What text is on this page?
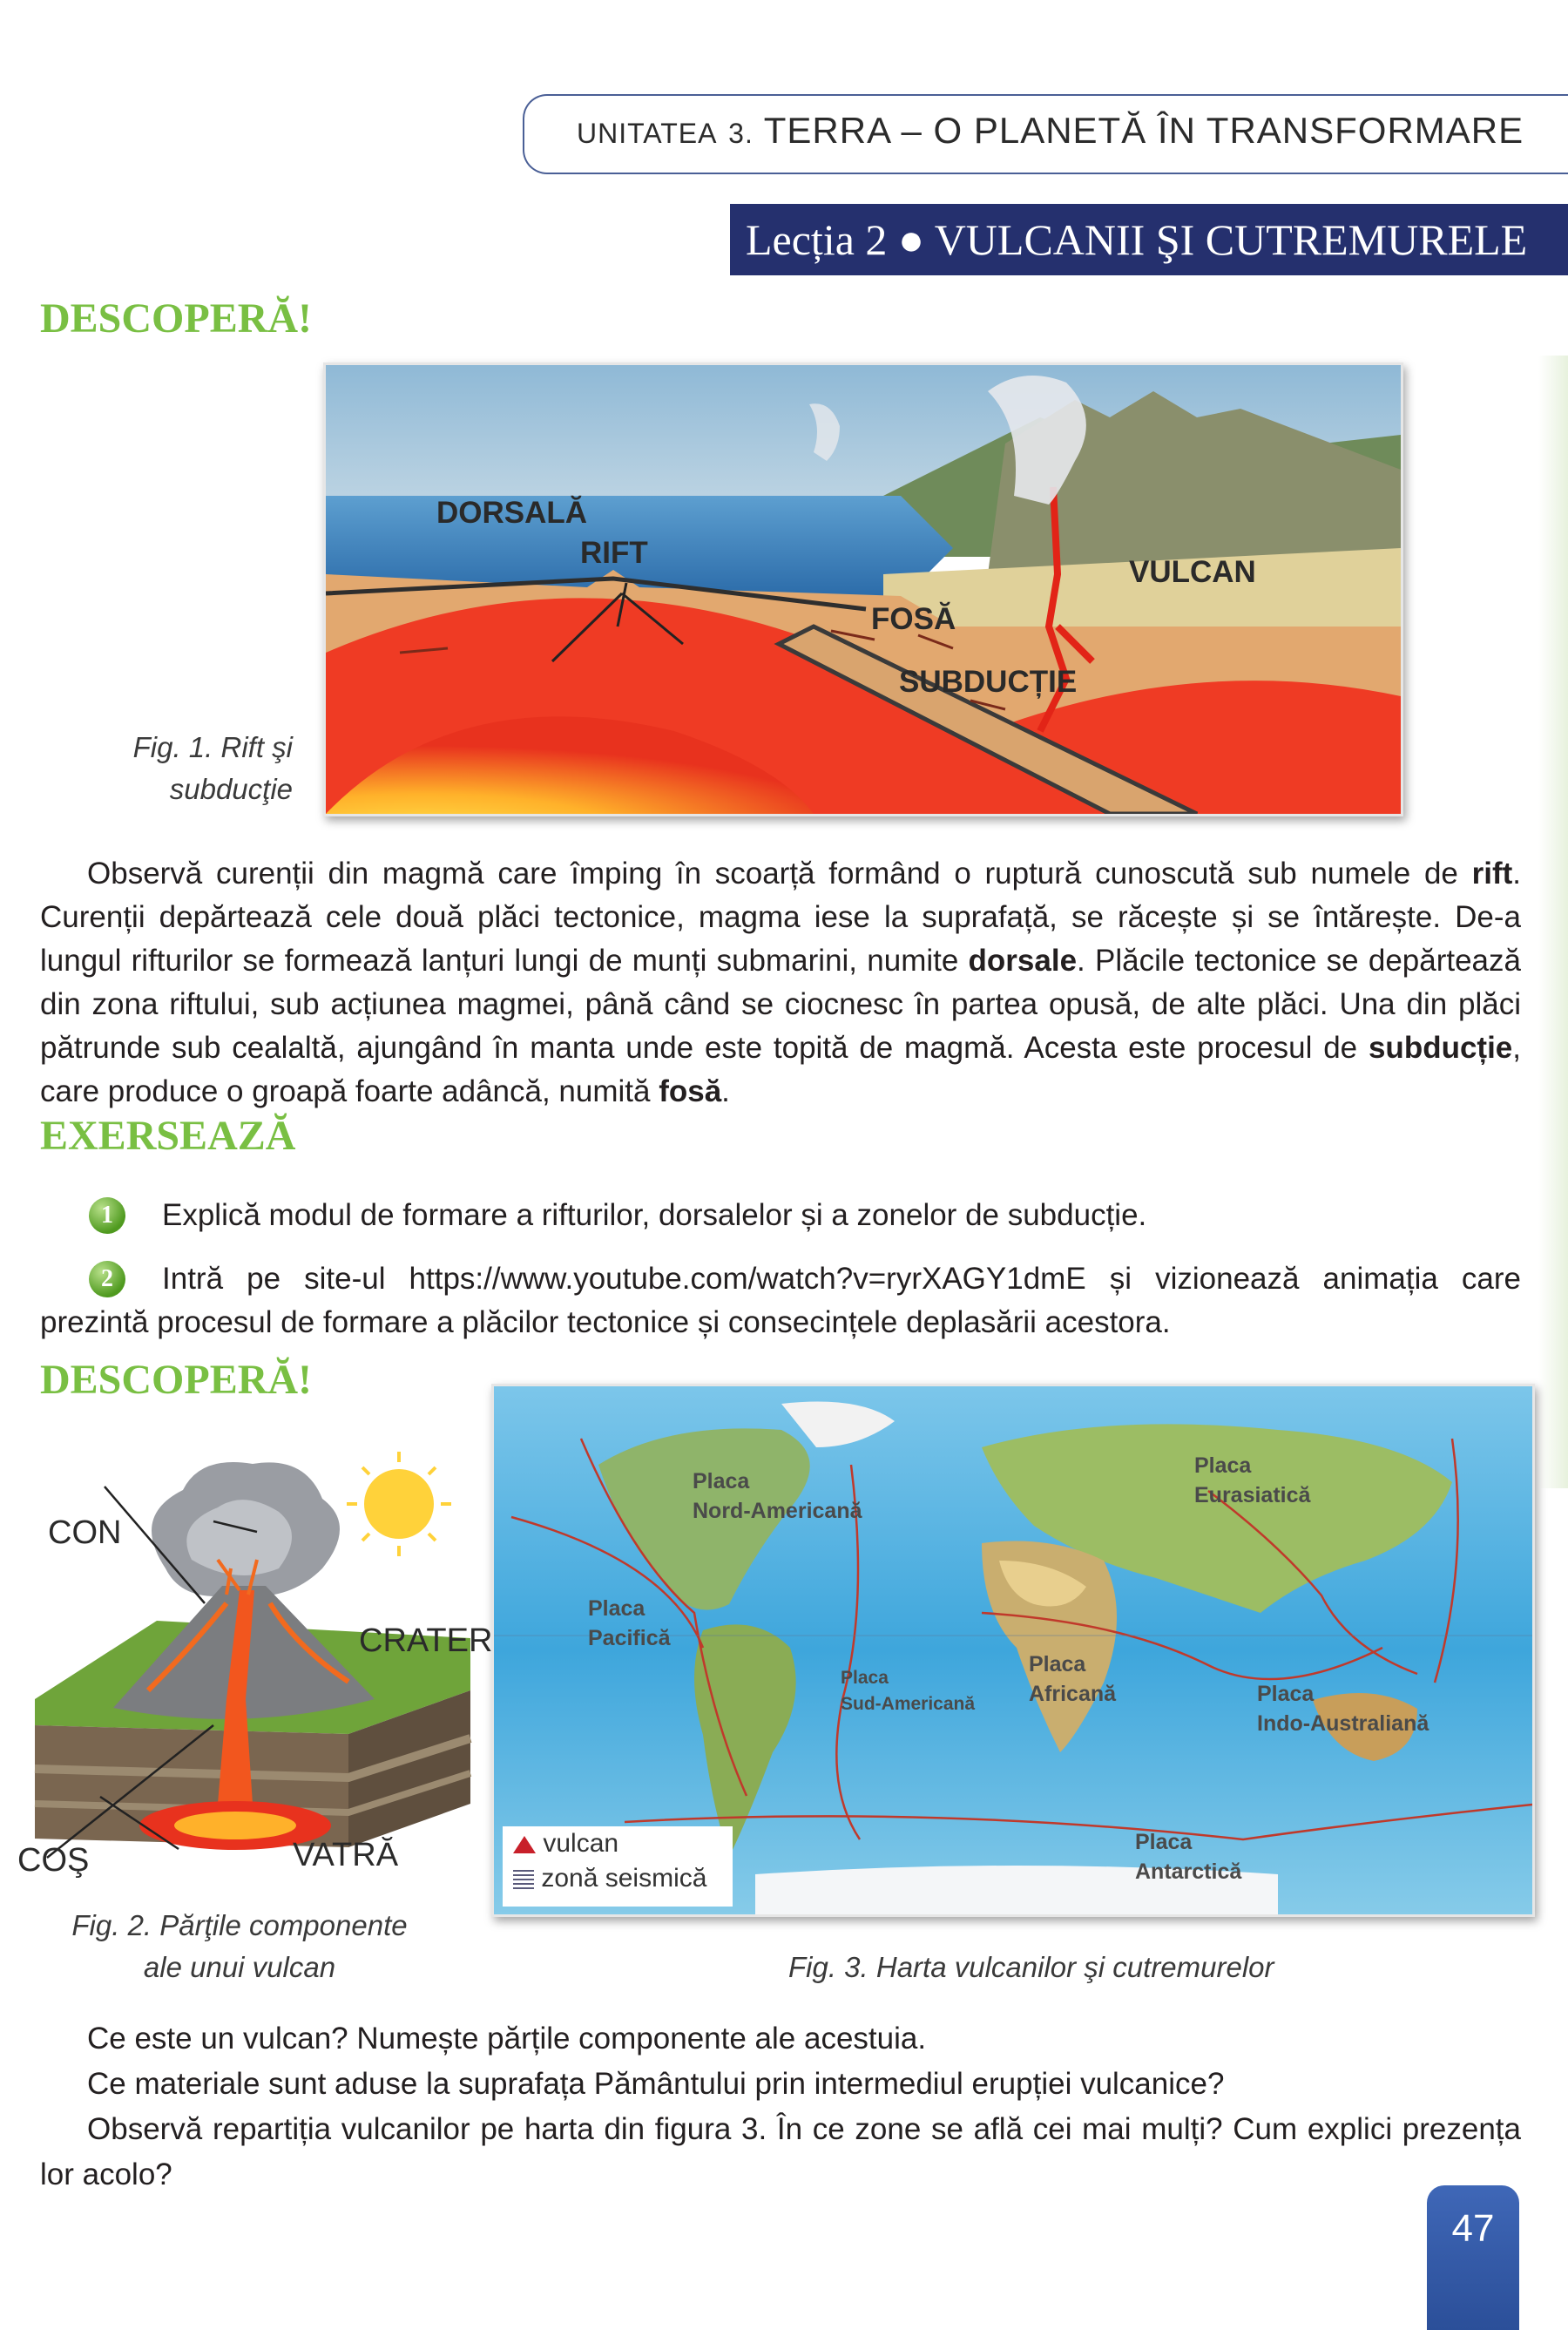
UNITATEA 3. TERRA – O PLANETĂ ÎN TRANSFORMARE
Lecția 2 ● VULCANII ŞI CUTREMURELE
DESCOPERĂ!
DORSALĂ
RIFT
VULCAN
FOSĂ
SUBDUCȚIE
Fig. 1. Rift şi
subducţie

Observă curenții din magmă care împing în scoarță formând o ruptură cunoscută sub numele de rift. Curenții depărtează cele două plăci tectonice, magma iese la suprafață, se răcește și se întărește. De-a lungul rifturilor se formează lanțuri lungi de munți submarini, numite dorsale. Plăcile tectonice se depărtează din zona riftului, sub acțiunea magmei, până când se ciocnesc în partea opusă, de alte plăci. Una din plăci pătrunde sub cealaltă, ajungând în manta unde este topită de magmă. Acesta este procesul de subducție, care produce o groapă foarte adâncă, numită fosă.

EXERSEAZĂ
1	Explică modul de formare a rifturilor, dorsalelor și a zonelor de subducție.
2	Intră pe site-ul https://www.youtube.com/watch?v=ryrXAGY1dmE și vizionează animația care prezintă procesul de formare a plăcilor tectonice și consecințele deplasării acestora.
DESCOPERĂ!
CON
CRATER
COŞ	VATRĂ
Fig. 2. Părţile componente
ale unui vulcan
Placa
Nord-Americană
Placa
Eurasiatică
Placa
Pacifică
Placa
Sud-Americană
Placa
Africană	Placa
Indo-Australiană
Placa
Antarctică
vulcan
zonă seismică
Fig. 3. Harta vulcanilor şi cutremurelor

Ce este un vulcan? Numește părțile componente ale acestuia.

Ce materiale sunt aduse la suprafața Pământului prin intermediul erupției vulcanice?

Observă repartiția vulcanilor pe harta din figura 3. În ce zone se află cei mai mulți? Cum explici prezența lor acolo?

47
